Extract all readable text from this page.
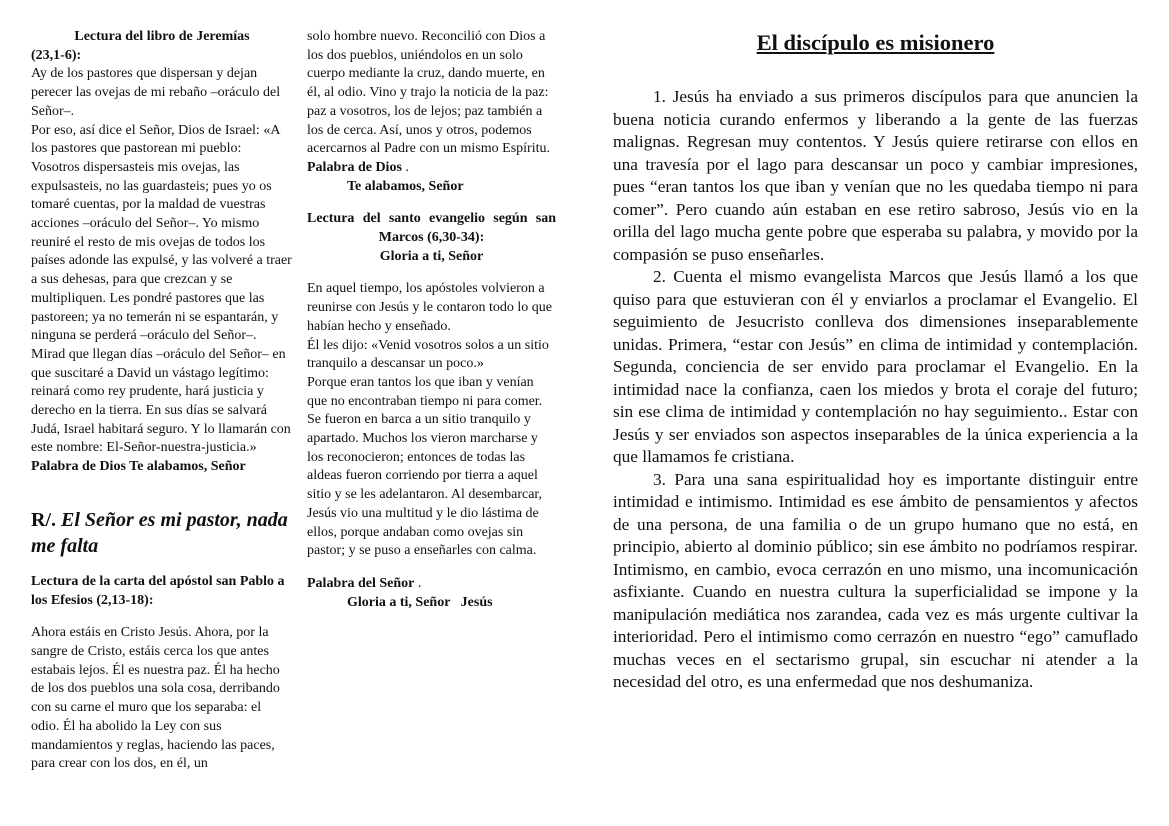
Lectura del libro de Jeremías

(23,1-6):

Ay de los pastores que dispersan y dejan perecer las ovejas de mi rebaño –oráculo del Señor–.

Por eso, así dice el Señor, Dios de Israel: «A los pastores que pastorean mi pueblo: Vosotros dispersasteis mis ovejas, las expulsasteis, no las guardasteis; pues yo os tomaré cuentas, por la maldad de vuestras acciones –oráculo del Señor–. Yo mismo reuniré el resto de mis ovejas de todos los países adonde las expulsé, y las volveré a traer a sus dehesas, para que crezcan y se multipliquen. Les pondré pastores que las pastoreen; ya no temerán ni se espantarán, y ninguna se perderá –oráculo del Señor–. Mirad que llegan días –oráculo del Señor– en que suscitaré a David un vástago legítimo: reinará como rey prudente, hará justicia y derecho en la tierra. En sus días se salvará Judá, Israel habitará seguro. Y lo llamarán con este nombre: El-Señor-nuestra-justicia.»

Palabra de Dios Te alabamos, Señor

R/. El Señor es mi pastor, nada me falta

Lectura de la carta del apóstol san Pablo a los Efesios (2,13-18):

Ahora estáis en Cristo Jesús. Ahora, por la sangre de Cristo, estáis cerca los que antes estabais lejos. Él es nuestra paz. Él ha hecho de los dos pueblos una sola cosa, derribando con su carne el muro que los separaba: el odio. Él ha abolido la Ley con sus mandamientos y reglas, haciendo las paces, para crear con los dos, en él, un

solo hombre nuevo. Reconcilió con Dios a los dos pueblos, uniéndolos en un solo cuerpo mediante la cruz, dando muerte, en él, al odio. Vino y trajo la noticia de la paz: paz a vosotros, los de lejos; paz también a los de cerca. Así, unos y otros, podemos acercarnos al Padre con un mismo Espíritu. Palabra de Dios .

Te alabamos, Señor

Lectura del santo evangelio según san Marcos (6,30-34):

Gloria a ti, Señor

En aquel tiempo, los apóstoles volvieron a reunirse con Jesús y le contaron todo lo que habían hecho y enseñado.

Él les dijo: «Venid vosotros solos a un sitio tranquilo a descansar un poco.»

Porque eran tantos los que iban y venían que no encontraban tiempo ni para comer. Se fueron en barca a un sitio tranquilo y apartado. Muchos los vieron marcharse y los reconocieron; entonces de todas las aldeas fueron corriendo por tierra a aquel sitio y se les adelantaron. Al desembarcar, Jesús vio una multitud y le dio lástima de ellos, porque andaban como ovejas sin pastor; y se puso a enseñarles con calma.

Palabra del Señor .

Gloria a ti, Señor   Jesús

El discípulo es misionero

1. Jesús ha enviado a sus primeros discípulos para que anuncien la buena noticia curando enfermos y liberando a la gente de las fuerzas malignas. Regresan muy contentos. Y Jesús quiere retirarse con ellos en una travesía por el lago para descansar un poco y cambiar impresiones, pues “eran tantos los que iban y venían que no les quedaba tiempo ni para comer”. Pero cuando aún estaban en ese retiro sabroso, Jesús vio en la orilla del lago mucha gente pobre que esperaba su palabra, y movido por la compasión se puso enseñarles.

2. Cuenta el mismo evangelista Marcos que Jesús llamó a los que quiso para que estuvieran con él y enviarlos a proclamar el Evangelio. El seguimiento de Jesucristo conlleva dos dimensiones inseparablemente unidas. Primera, “estar con Jesús” en clima de intimidad y contemplación. Segunda, conciencia de ser envido para proclamar el Evangelio. En la intimidad nace la confianza, caen los miedos y brota el coraje del futuro; sin ese clima de intimidad y contemplación no hay seguimiento.. Estar con Jesús y ser enviados son aspectos inseparables de la única experiencia a la que llamamos fe cristiana.

3. Para una sana espiritualidad hoy es importante distinguir entre intimidad e intimismo. Intimidad es ese ámbito de pensamientos y afectos de una persona, de una familia o de un grupo humano que no está, en principio, abierto al dominio público; sin ese ámbito no podríamos respirar. Intimismo, en cambio, evoca cerrazón en uno mismo, una incomunicación asfixiante. Cuando en nuestra cultura la superficialidad se impone y la manipulación mediática nos zarandea, cada vez es más urgente cultivar la interioridad. Pero el intimismo como cerrazón en nuestro “ego” camuflado muchas veces en el sectarismo grupal, sin escuchar ni atender a la necesidad del otro, es una enfermedad que nos deshumaniza.
